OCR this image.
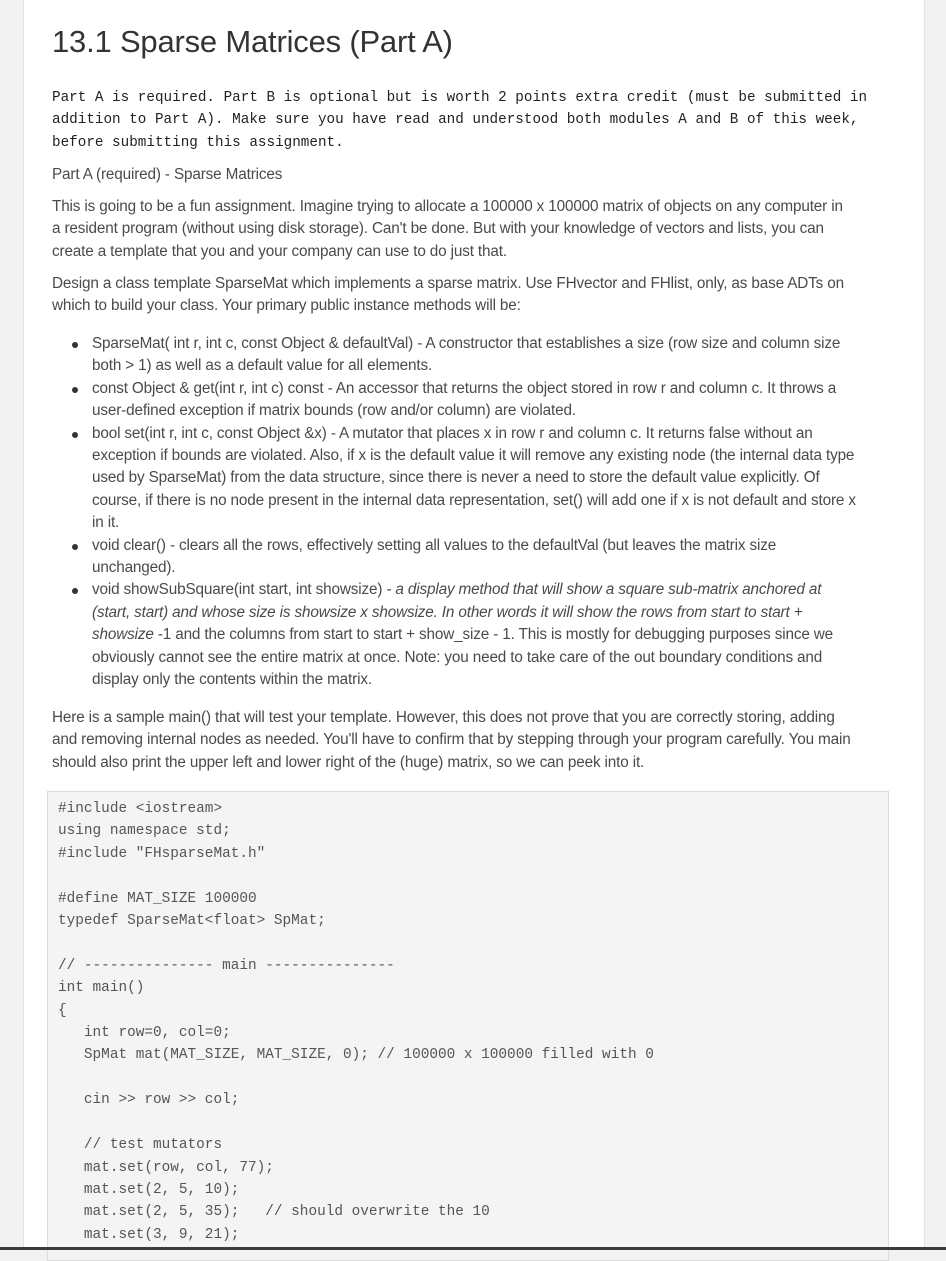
13.1 Sparse Matrices (Part A)
Part A is required. Part B is optional but is worth 2 points extra credit (must be submitted in
addition to Part A). Make sure you have read and understood both modules A and B of this week,
before submitting this assignment.

Part A (required) - Sparse Matrices

This is going to be a fun assignment. Imagine trying to allocate a 100000 x 100000 matrix of objects on any computer in

a resident program (without using disk storage). Can't be done. But with your knowledge of vectors and lists, you can

create a template that you and your company can use to do just that.

Design a class template SparseMat which implements a sparse matrix. Use FHvector and FHlist, only, as base ADTs on

which to build your class. Your primary public instance methods will be:

SparseMat( int r, int c, const Object & defaultVal) - A constructor that establishes a size (row size and column size
both > 1) as well as a default value for all elements.
const Object & get(int r, int c) const - An accessor that returns the object stored in row r and column c. It throws a
user-defined exception if matrix bounds (row and/or column) are violated.
bool set(int r, int c, const Object &x) - A mutator that places x in row r and column c. It returns false without an
exception if bounds are violated. Also, if x is the default value it will remove any existing node (the internal data type
used by SparseMat) from the data structure, since there is never a need to store the default value explicitly. Of
course, if there is no node present in the internal data representation, set() will add one if x is not default and store x
in it.
void clear() - clears all the rows, effectively setting all values to the defaultVal (but leaves the matrix size
unchanged).
void showSubSquare(int start, int showsize) - a display method that will show a square sub-matrix anchored at
(start, start) and whose size is showsize x showsize. In other words it will show the rows from start to start +
showsize -1 and the columns from start to start + show_size - 1. This is mostly for debugging purposes since we
obviously cannot see the entire matrix at once. Note: you need to take care of the out boundary conditions and
display only the contents within the matrix.

Here is a sample main() that will test your template. However, this does not prove that you are correctly storing, adding

and removing internal nodes as needed. You'll have to confirm that by stepping through your program carefully. You main

should also print the upper left and lower right of the (huge) matrix, so we can peek into it.

#include <iostream>
using namespace std;
#include "FHsparseMat.h"

#define MAT_SIZE 100000
typedef SparseMat<float> SpMat;

// --------------- main ---------------
int main()
{
int row=0, col=0;
SpMat mat(MAT_SIZE, MAT_SIZE, 0); // 100000 x 100000 filled with 0

cin >> row >> col;

// test mutators
mat.set(row, col, 77);
mat.set(2, 5, 10);
mat.set(2, 5, 35);   // should overwrite the 10
mat.set(3, 9, 21);
